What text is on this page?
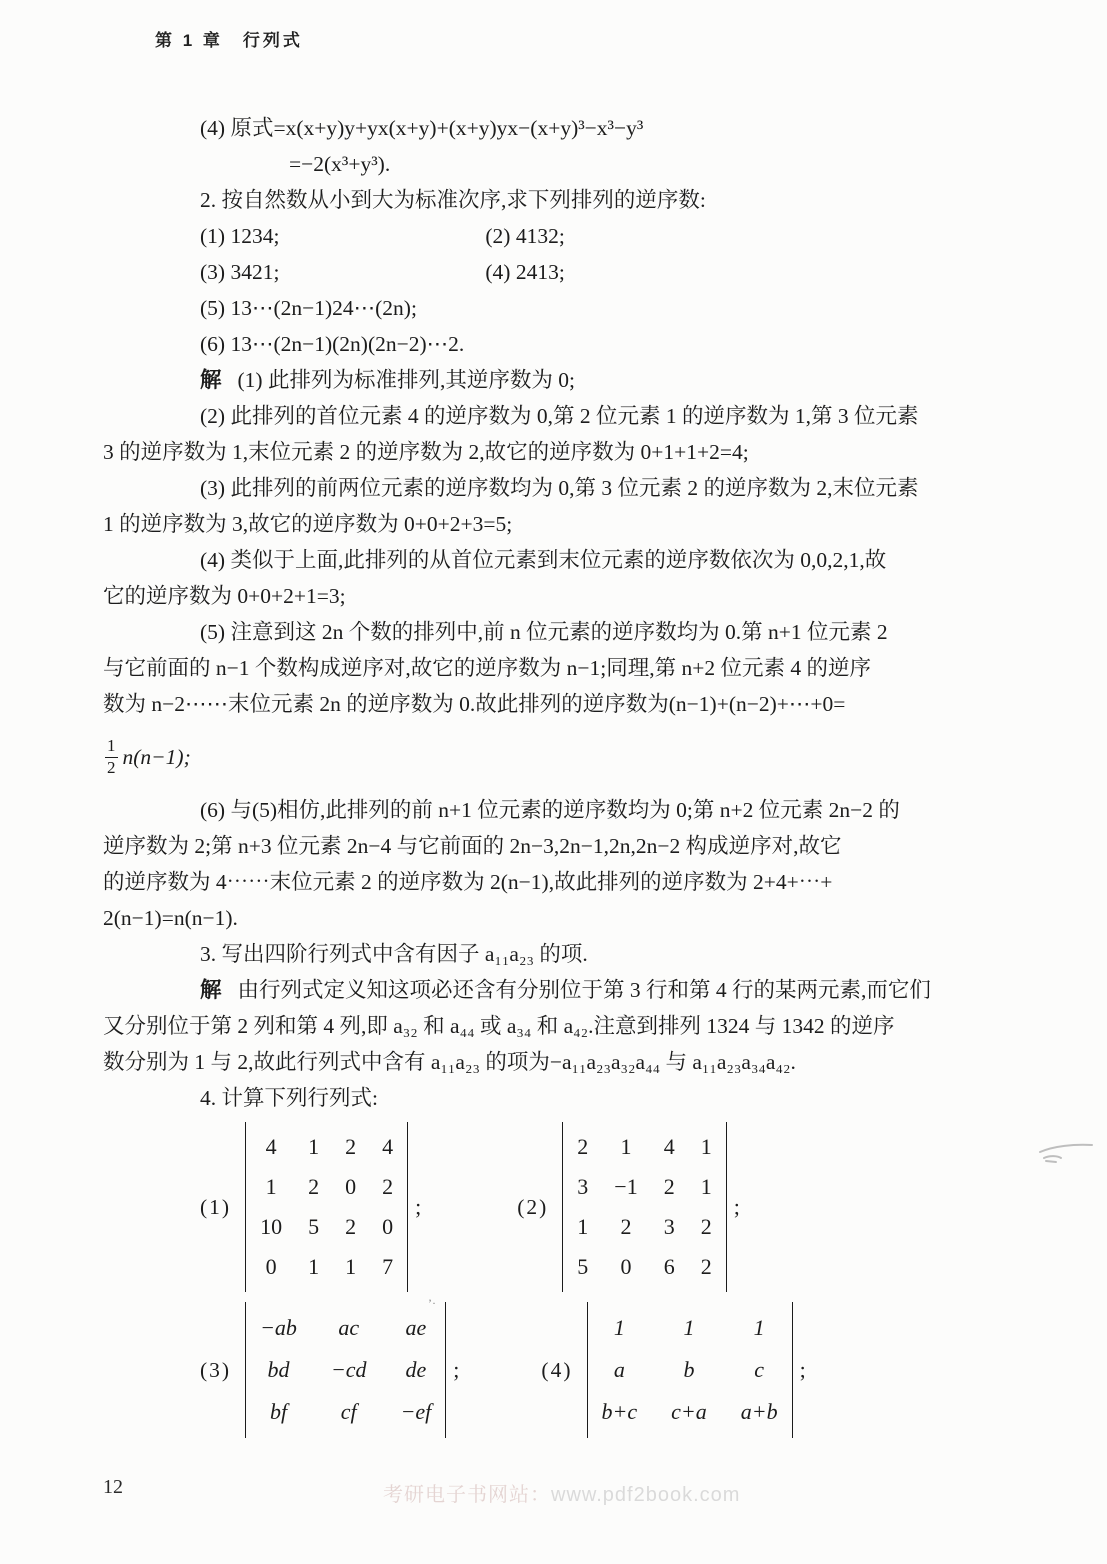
第 1 章　行列式
(4) 原式=x(x+y)y+yx(x+y)+(x+y)yx−(x+y)³−x³−y³
=−2(x³+y³).
2. 按自然数从小到大为标准次序,求下列排列的逆序数:
(1) 1234;	(2) 4132;
(3) 3421;	(4) 2413;
(5) 13⋯(2n−1)24⋯(2n);
(6) 13⋯(2n−1)(2n)(2n−2)⋯2.
解 (1) 此排列为标准排列,其逆序数为 0;
(2) 此排列的首位元素 4 的逆序数为 0,第 2 位元素 1 的逆序数为 1,第 3 位元素
3 的逆序数为 1,末位元素 2 的逆序数为 2,故它的逆序数为 0+1+1+2=4;
(3) 此排列的前两位元素的逆序数均为 0,第 3 位元素 2 的逆序数为 2,末位元素
1 的逆序数为 3,故它的逆序数为 0+0+2+3=5;
(4) 类似于上面,此排列的从首位元素到末位元素的逆序数依次为 0,0,2,1,故
它的逆序数为 0+0+2+1=3;
(5) 注意到这 2n 个数的排列中,前 n 位元素的逆序数均为 0.第 n+1 位元素 2
与它前面的 n−1 个数构成逆序对,故它的逆序数为 n−1;同理,第 n+2 位元素 4 的逆序
数为 n−2⋯⋯末位元素 2n 的逆序数为 0.故此排列的逆序数为(n−1)+(n−2)+⋯+0=
$\frac{1}{2} n(n-1)$;
(6) 与(5)相仿,此排列的前 n+1 位元素的逆序数均为 0;第 n+2 位元素 2n−2 的
逆序数为 2;第 n+3 位元素 2n−4 与它前面的 2n−3,2n−1,2n,2n−2 构成逆序对,故它
的逆序数为 4⋯⋯末位元素 2 的逆序数为 2(n−1),故此排列的逆序数为 2+4+⋯+
2(n−1)=n(n−1).
3. 写出四阶行列式中含有因子 a₁₁a₂₃ 的项.
解 由行列式定义知这项必还含有分别位于第 3 行和第 4 行的某两元素,而它们
又分别位于第 2 列和第 4 列,即 a₃₂ 和 a₄₄ 或 a₃₄ 和 a₄₂.注意到排列 1324 与 1342 的逆序
数分别为 1 与 2,故此行列式中含有 a₁₁a₂₃ 的项为−a₁₁a₂₃a₃₂a₄₄ 与 a₁₁a₂₃a₃₄a₄₂.
4. 计算下列行列式:
(1)
4 1 2 4
1 2 0 2
10 5 2 0
0 1 1 7
;	(2)
2 1 4 1
3 −1 2 1
1 2 3 2
5 0 6 2
;
(3)
−ab	ac	ae
bd	−cd de
bf	cf	−ef
;	(4)
1	1	1
a	b	c
b+c c+a a+b
;
’·
12	考研电子书网站：www.pdf2book.com
